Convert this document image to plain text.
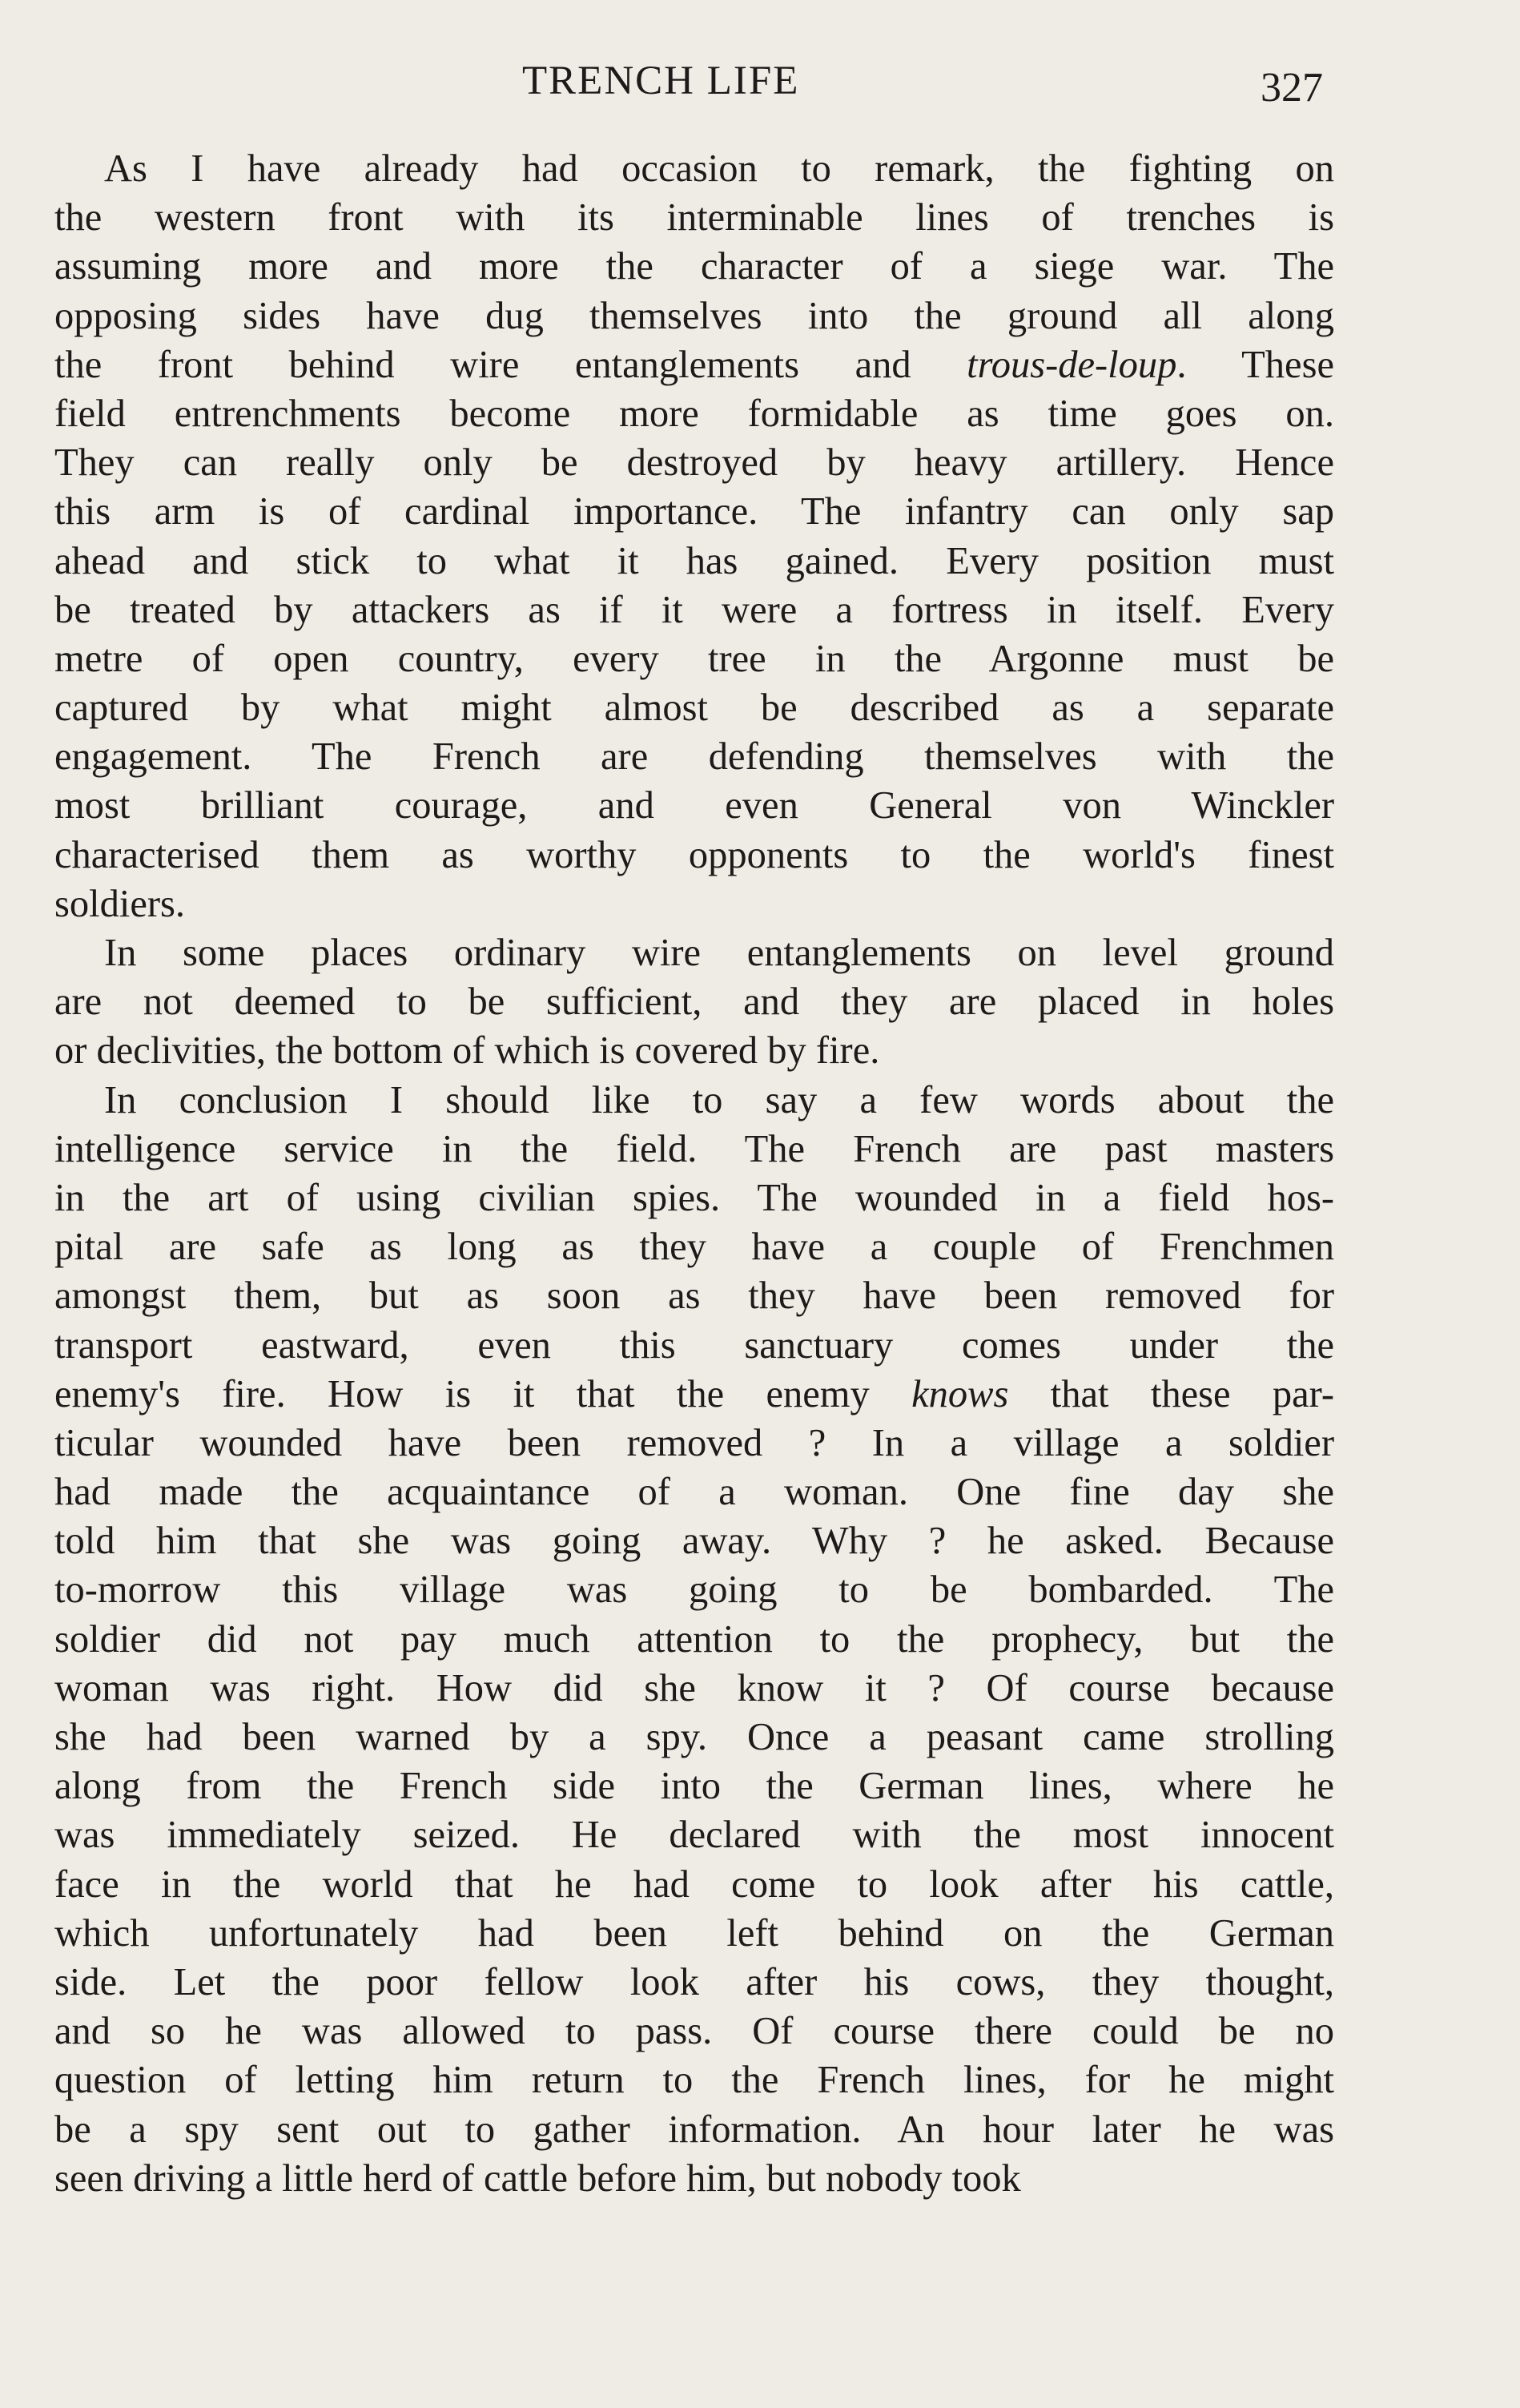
TRENCH LIFE	327
As I have already had occasion to remark, the fighting on
the western front with its interminable lines of trenches is
assuming more and more the character of a siege war. The
opposing sides have dug themselves into the ground all along
the front behind wire entanglements and trous-de-loup. These
field entrenchments become more formidable as time goes on.
They can really only be destroyed by heavy artillery. Hence
this arm is of cardinal importance. The infantry can only sap
ahead and stick to what it has gained. Every position must
be treated by attackers as if it were a fortress in itself. Every
metre of open country, every tree in the Argonne must be
captured by what might almost be described as a separate
engagement. The French are defending themselves with the
most brilliant courage, and even General von Winckler
characterised them as worthy opponents to the world's finest
soldiers.
In some places ordinary wire entanglements on level ground
are not deemed to be sufficient, and they are placed in holes
or declivities, the bottom of which is covered by fire.
In conclusion I should like to say a few words about the
intelligence service in the field. The French are past masters
in the art of using civilian spies. The wounded in a field hos-
pital are safe as long as they have a couple of Frenchmen
amongst them, but as soon as they have been removed for
transport eastward, even this sanctuary comes under the
enemy's fire. How is it that the enemy knows that these par-
ticular wounded have been removed ? In a village a soldier
had made the acquaintance of a woman. One fine day she
told him that she was going away. Why ? he asked. Because
to-morrow this village was going to be bombarded. The
soldier did not pay much attention to the prophecy, but the
woman was right. How did she know it ? Of course because
she had been warned by a spy. Once a peasant came strolling
along from the French side into the German lines, where he
was immediately seized. He declared with the most innocent
face in the world that he had come to look after his cattle,
which unfortunately had been left behind on the German
side. Let the poor fellow look after his cows, they thought,
and so he was allowed to pass. Of course there could be no
question of letting him return to the French lines, for he might
be a spy sent out to gather information. An hour later he was
seen driving a little herd of cattle before him, but nobody took
